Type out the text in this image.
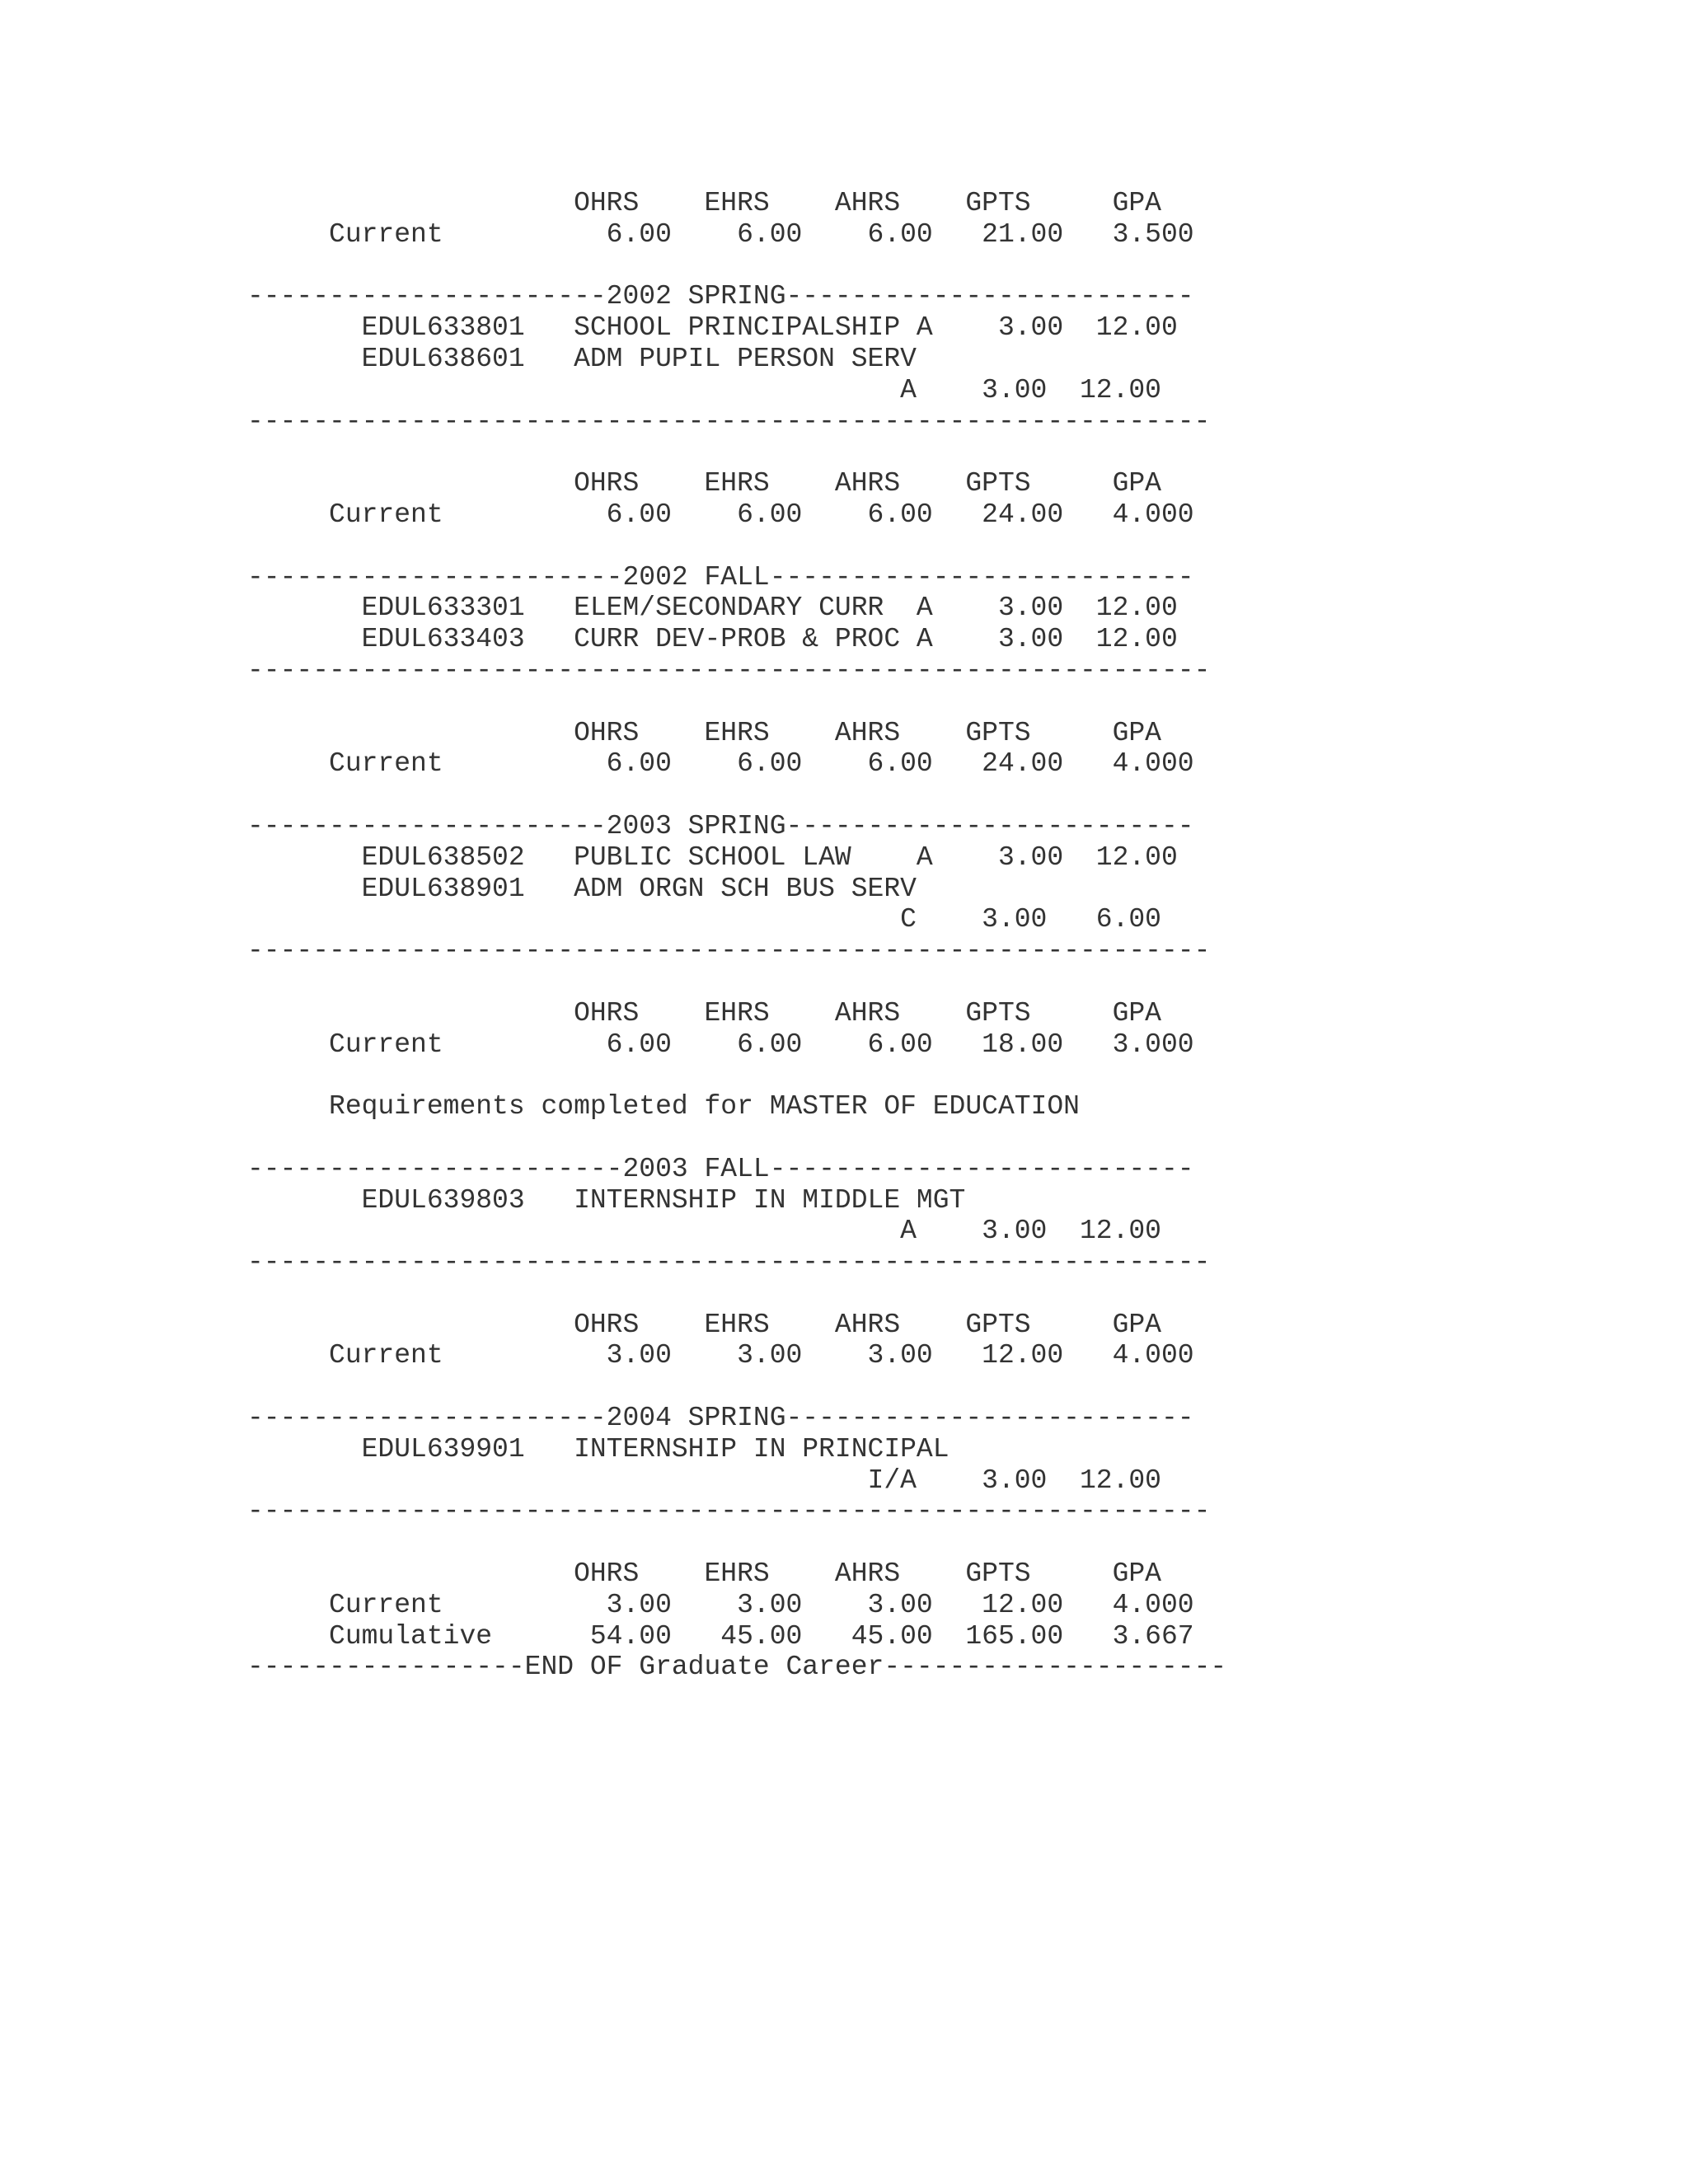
OHRS    EHRS    AHRS    GPTS     GPA
Current          6.00    6.00    6.00   21.00   3.500
----------------------2002 SPRING-------------------------
EDUL633801   SCHOOL PRINCIPALSHIP A    3.00  12.00
EDUL638601   ADM PUPIL PERSON SERV
A    3.00  12.00
-----------------------------------------------------------
OHRS    EHRS    AHRS    GPTS     GPA
Current          6.00    6.00    6.00   24.00   4.000
-----------------------2002 FALL--------------------------
EDUL633301   ELEM/SECONDARY CURR  A    3.00  12.00
EDUL633403   CURR DEV-PROB & PROC A    3.00  12.00
-----------------------------------------------------------
OHRS    EHRS    AHRS    GPTS     GPA
Current          6.00    6.00    6.00   24.00   4.000
----------------------2003 SPRING-------------------------
EDUL638502   PUBLIC SCHOOL LAW    A    3.00  12.00
EDUL638901   ADM ORGN SCH BUS SERV
C    3.00   6.00
-----------------------------------------------------------
OHRS    EHRS    AHRS    GPTS     GPA
Current          6.00    6.00    6.00   18.00   3.000
Requirements completed for MASTER OF EDUCATION
-----------------------2003 FALL--------------------------
EDUL639803   INTERNSHIP IN MIDDLE MGT
A    3.00  12.00
-----------------------------------------------------------
OHRS    EHRS    AHRS    GPTS     GPA
Current          3.00    3.00    3.00   12.00   4.000
----------------------2004 SPRING-------------------------
EDUL639901   INTERNSHIP IN PRINCIPAL
I/A    3.00  12.00
-----------------------------------------------------------
OHRS    EHRS    AHRS    GPTS     GPA
Current          3.00    3.00    3.00   12.00   4.000
Cumulative      54.00   45.00   45.00  165.00   3.667
-----------------END OF Graduate Career---------------------
